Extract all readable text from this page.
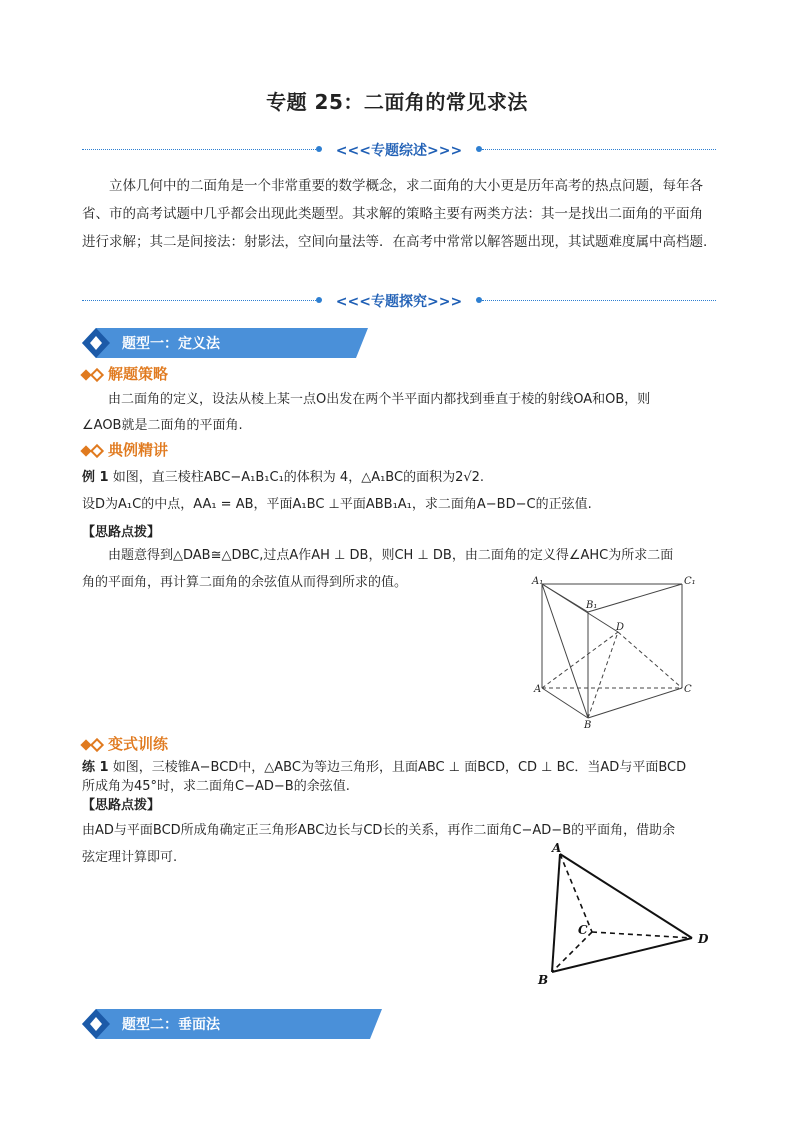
专题 25：二面角的常见求法
<<<专题综述>>>
立体几何中的二面角是一个非常重要的数学概念，求二面角的大小更是历年高考的热点问题，每年各省、市的高考试题中几乎都会出现此类题型。其求解的策略主要有两类方法：其一是找出二面角的平面角进行求解；其二是间接法：射影法，空间向量法等．在高考中常常以解答题出现，其试题难度属中高档题.
<<<专题探究>>>
题型一：定义法
解题策略
由二面角的定义，设法从棱上某一点O出发在两个半平面内都找到垂直于棱的射线OA和OB，则
∠AOB就是二面角的平面角.
典例精讲
例 1 如图，直三棱柱ABC−A₁B₁C₁的体积为 4，△A₁BC的面积为2√2.
设D为A₁C的中点，AA₁ = AB，平面A₁BC ⊥平面ABB₁A₁，求二面角A−BD−C的正弦值.
【思路点拨】
由题意得到△DAB≅△DBC,过点A作AH ⊥ DB，则CH ⊥ DB，由二面角的定义得∠AHC为所求二面
角的平面角，再计算二面角的余弦值从而得到所求的值。	A₁	C₁
B₁
D
A	C
B
变式训练
练 1 如图，三棱锥A−BCD中，△ABC为等边三角形，且面ABC ⊥ 面BCD，CD ⊥ BC．当AD与平面BCD
所成角为45°时，求二面角C−AD−B的余弦值.
【思路点拨】
由AD与平面BCD所成角确定正三角形ABC边长与CD长的关系，再作二面角C−AD−B的平面角，借助余
弦定理计算即可.
A
C
D
B
题型二：垂面法
